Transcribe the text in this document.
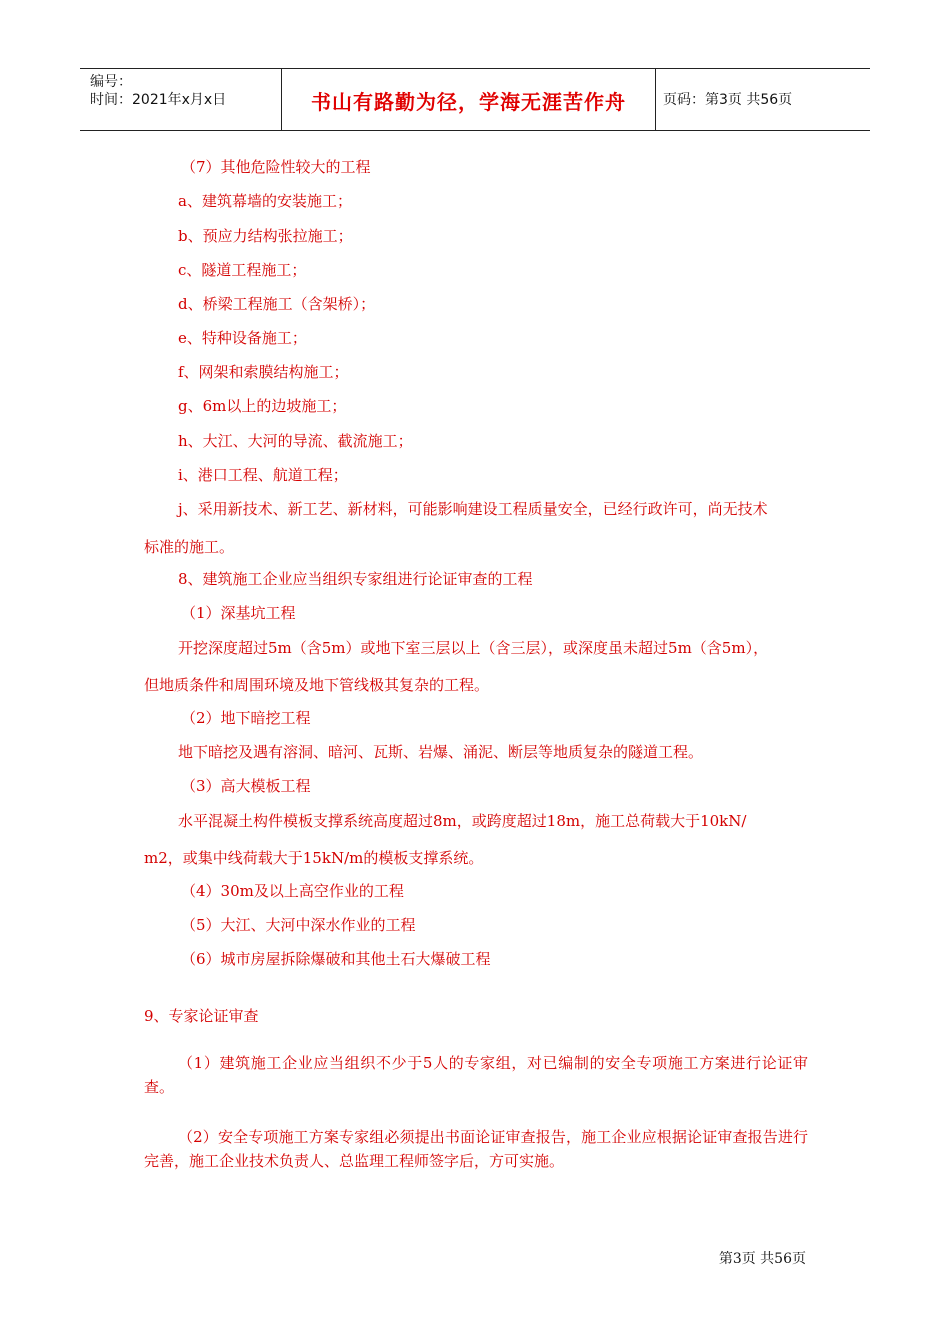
编号：
时间：2021年x月x日	书山有路勤为径，学海无涯苦作舟	页码：第3页 共56页
（7）其他危险性较大的工程
a、建筑幕墙的安装施工；
b、预应力结构张拉施工；
c、隧道工程施工；
d、桥梁工程施工（含架桥）；
e、特种设备施工；
f、网架和索膜结构施工；
g、6m以上的边坡施工；
h、大江、大河的导流、截流施工；
i、港口工程、航道工程；
j、采用新技术、新工艺、新材料，可能影响建设工程质量安全，已经行政许可，尚无技术
标准的施工。
8、建筑施工企业应当组织专家组进行论证审查的工程
（1）深基坑工程
开挖深度超过5m（含5m）或地下室三层以上（含三层），或深度虽未超过5m（含5m），
但地质条件和周围环境及地下管线极其复杂的工程。
（2）地下暗挖工程
地下暗挖及遇有溶洞、暗河、瓦斯、岩爆、涌泥、断层等地质复杂的隧道工程。
（3）高大模板工程
水平混凝土构件模板支撑系统高度超过8m，或跨度超过18m，施工总荷载大于10kN/
m2，或集中线荷载大于15kN/m的模板支撑系统。
（4）30m及以上高空作业的工程
（5）大江、大河中深水作业的工程
（6）城市房屋拆除爆破和其他土石大爆破工程
9、专家论证审查
（1）建筑施工企业应当组织不少于5人的专家组，对已编制的安全专项施工方案进行论证审查。
（2）安全专项施工方案专家组必须提出书面论证审查报告，施工企业应根据论证审查报告进行完善，施工企业技术负责人、总监理工程师签字后，方可实施。
第3页 共56页
